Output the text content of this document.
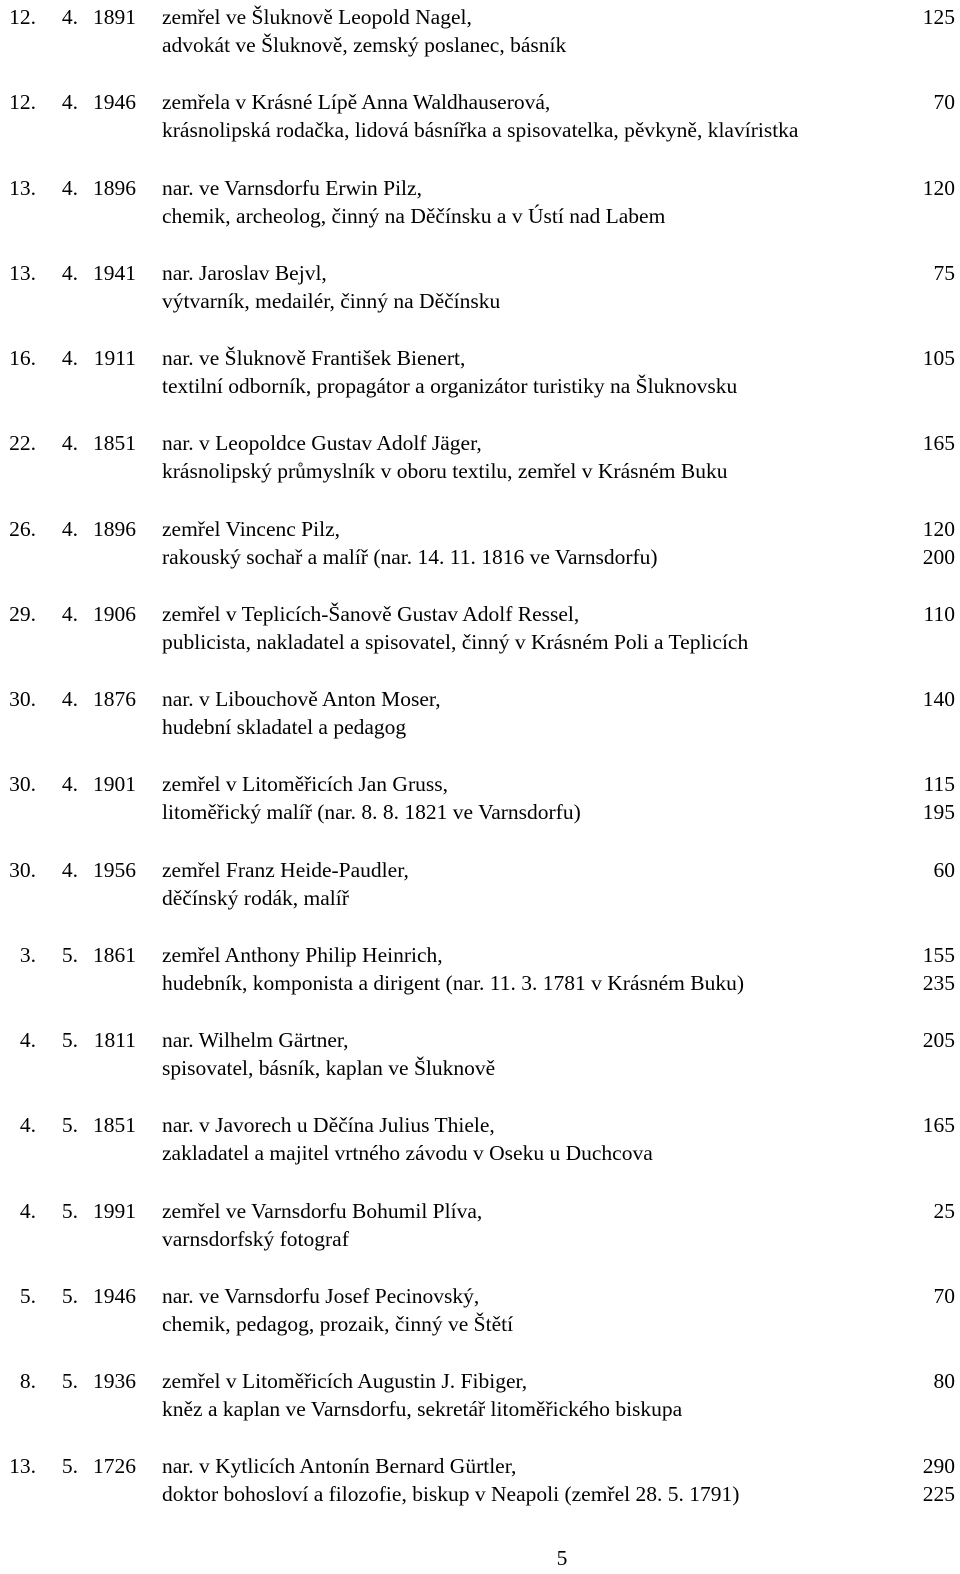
12.	4. 1891 zemřel ve Šluknově Leopold Nagel,	125
advokát ve Šluknově, zemský poslanec, básník
12.	4. 1946 zemřela v Krásné Lípě Anna Waldhauserová,	70
krásnolipská rodačka, lidová básnířka a spisovatelka, pěvkyně, klavíristka
13.	4. 1896 nar. ve Varnsdorfu Erwin Pilz,	120
chemik, archeolog, činný na Děčínsku a v Ústí nad Labem
13.	4. 1941 nar. Jaroslav Bejvl,	75
výtvarník, medailér, činný na Děčínsku
16.	4. 1911 nar. ve Šluknově František Bienert,	105
textilní odborník, propagátor a organizátor turistiky na Šluknovsku
22.	4. 1851 nar. v Leopoldce Gustav Adolf Jäger,	165
krásnolipský průmyslník v oboru textilu, zemřel v Krásném Buku
26.	4. 1896 zemřel Vincenc Pilz,	120
rakouský sochař a malíř (nar. 14. 11. 1816 ve Varnsdorfu)	200
29.	4. 1906 zemřel v Teplicích-Šanově Gustav Adolf Ressel,	110
publicista, nakladatel a spisovatel, činný v Krásném Poli a Teplicích
30.	4. 1876 nar. v Libouchově Anton Moser,	140
hudební skladatel a pedagog
30.	4. 1901 zemřel v Litoměřicích Jan Gruss,	115
litoměřický malíř (nar. 8. 8. 1821 ve Varnsdorfu)	195
30.	4. 1956 zemřel Franz Heide-Paudler,	60
děčínský rodák, malíř
3.	5. 1861 zemřel Anthony Philip Heinrich,	155
hudebník, komponista a dirigent (nar. 11. 3. 1781 v Krásném Buku)	235
4.	5. 1811 nar. Wilhelm Gärtner,	205
spisovatel, básník, kaplan ve Šluknově
4.	5. 1851 nar. v Javorech u Děčína Julius Thiele,	165
zakladatel a majitel vrtného závodu v Oseku u Duchcova
4.	5. 1991 zemřel ve Varnsdorfu Bohumil Plíva,	25
varnsdorfský fotograf
5.	5. 1946 nar. ve Varnsdorfu Josef Pecinovský,	70
chemik, pedagog, prozaik, činný ve Štětí
8.	5. 1936 zemřel v Litoměřicích Augustin J. Fibiger,	80
kněz a kaplan ve Varnsdorfu, sekretář litoměřického biskupa
13.	5. 1726 nar. v Kytlicích Antonín Bernard Gürtler,	290
doktor bohosloví a filozofie, biskup v Neapoli (zemřel 28. 5. 1791)	225
5
